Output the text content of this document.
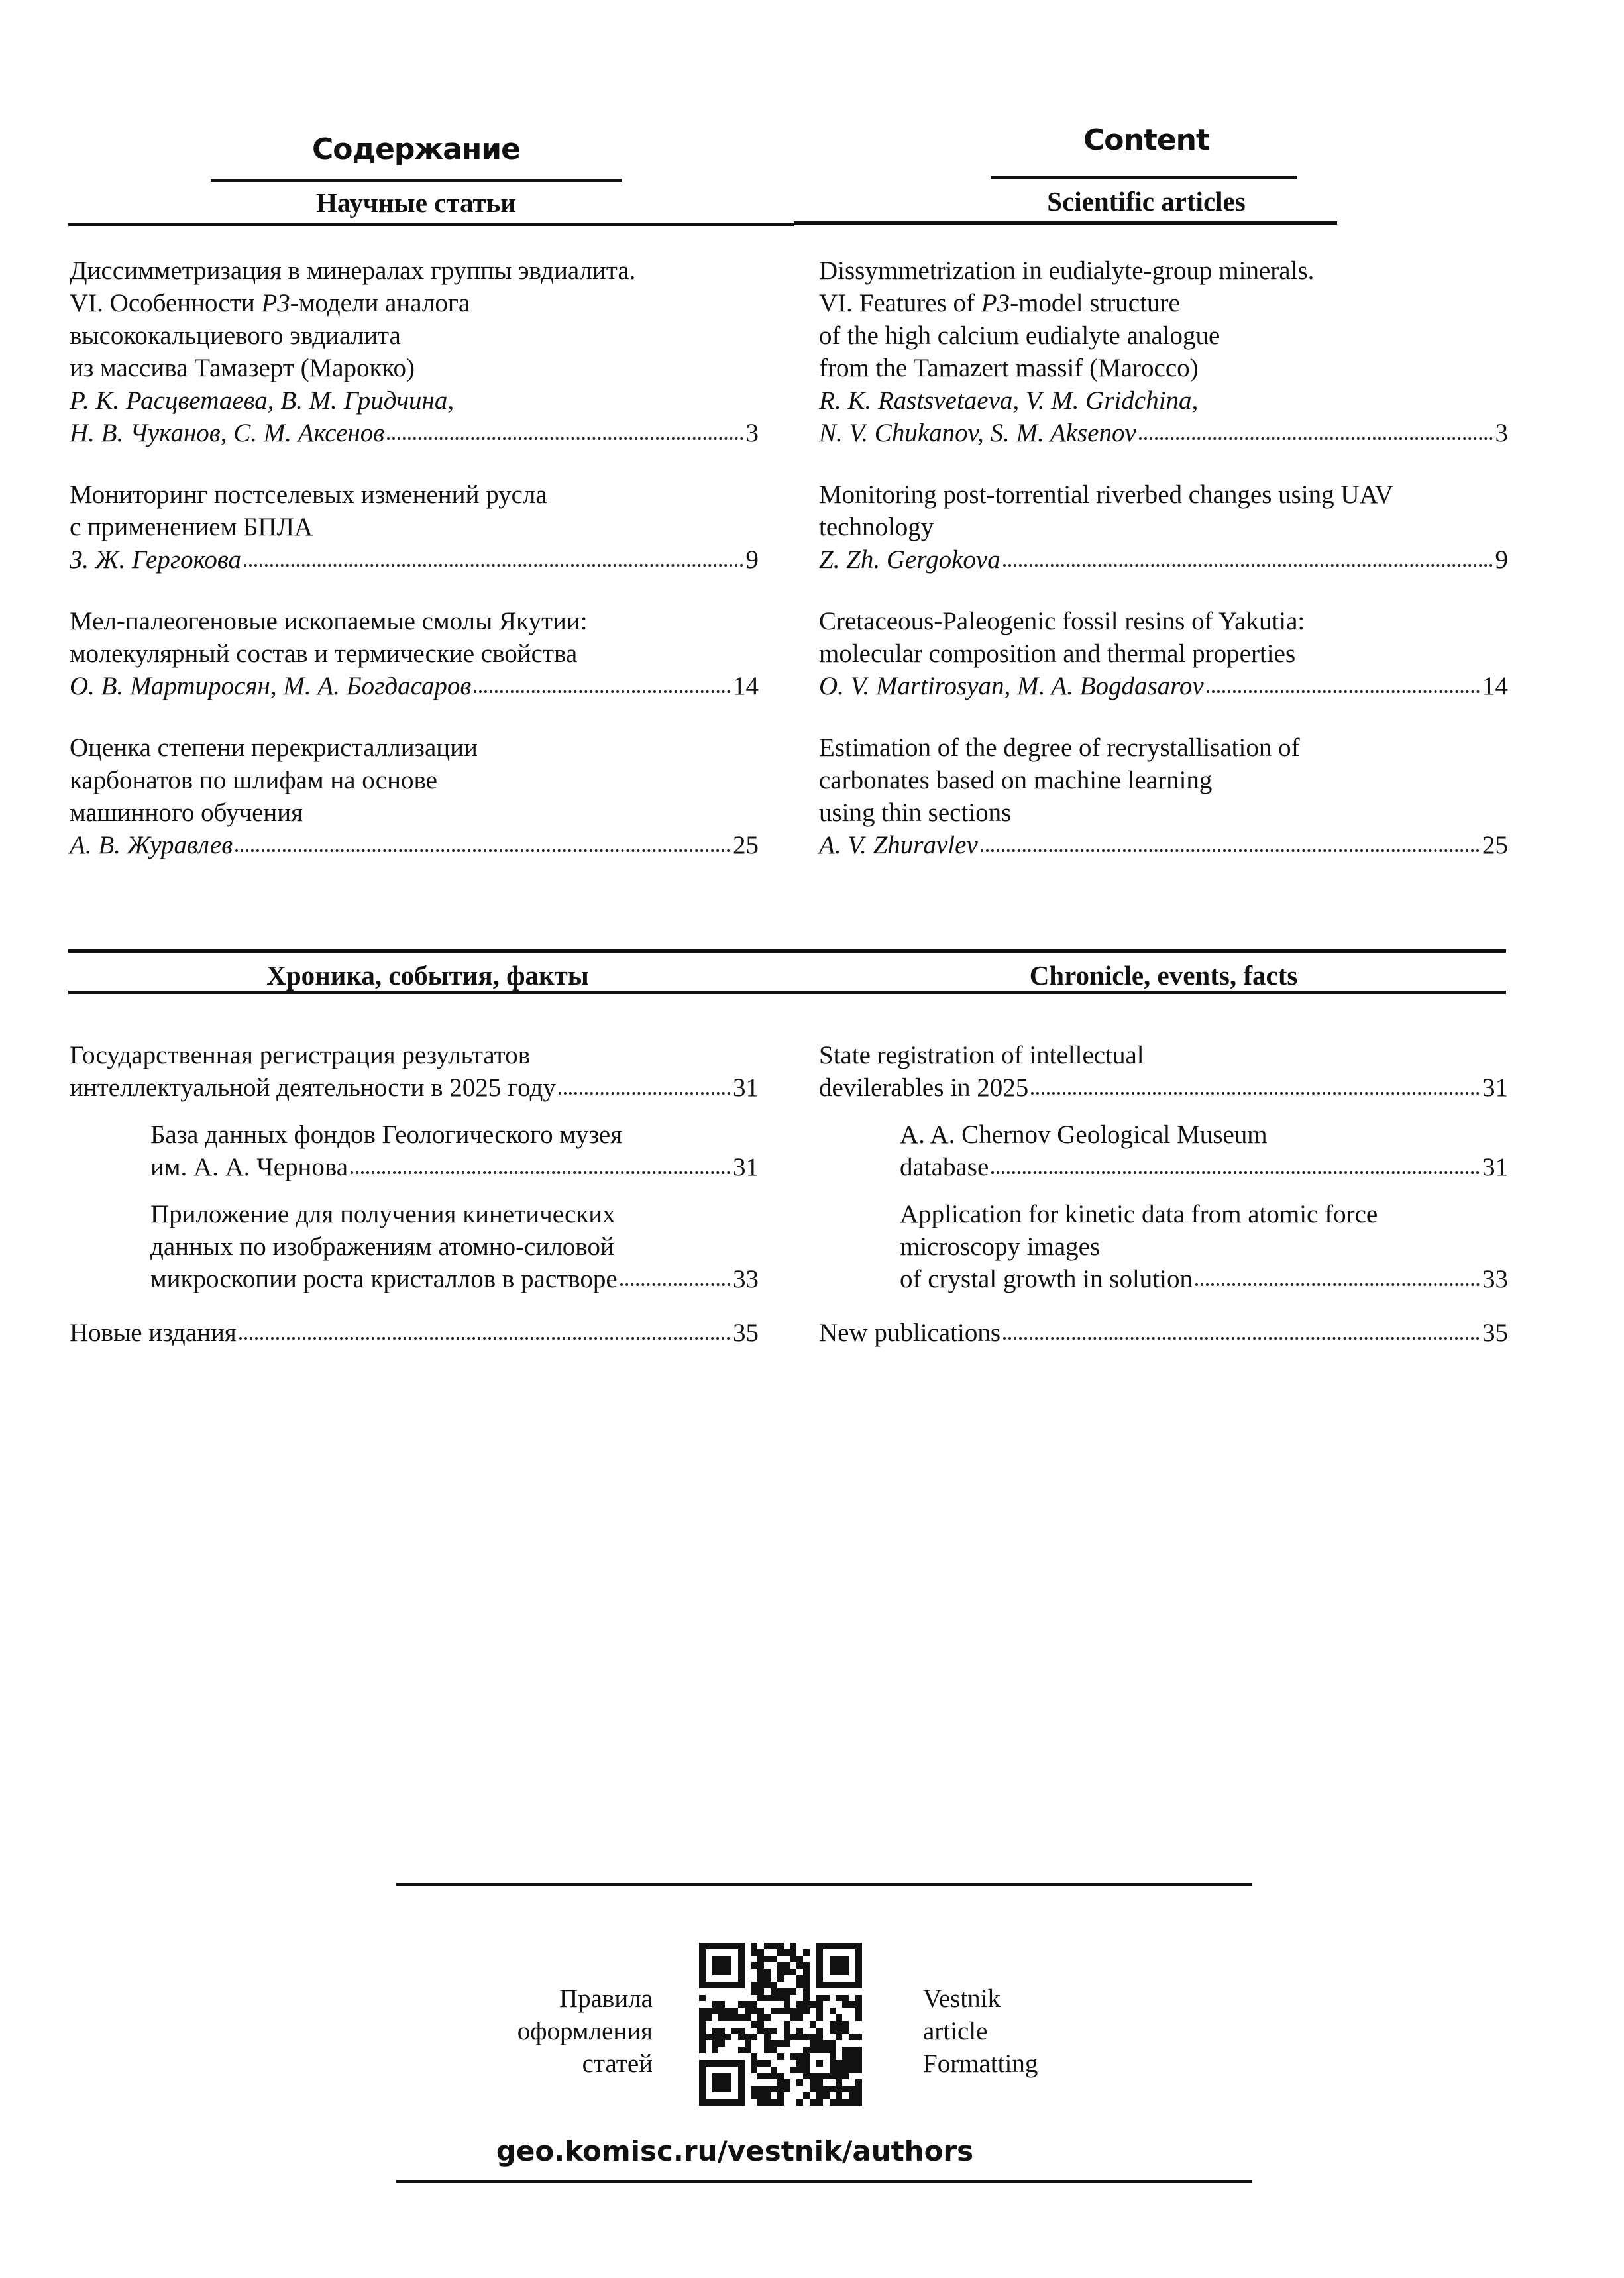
Содержание	Content
Научные статьи	Scientific articles
Диссимметризация в минералах группы эвдиалита.
VI. Особенности P3-модели аналога
высококальциевого эвдиалита
из массива Тамазерт (Марокко)
Р. К. Расцветаева, В. М. Гридчина,
Н. В. Чуканов, С. М. Аксенов	3
Мониторинг постселевых изменений русла
с применением БПЛА
З. Ж. Гергокова	9
Мел-палеогеновые ископаемые смолы Якутии:
молекулярный состав и термические свойства
О. В. Мартиросян, М. А. Богдасаров	14
Оценка степени перекристаллизации
карбонатов по шлифам на основе
машинного обучения
А. В. Журавлев	25
Dissymmetrization in eudialyte-group minerals.
VI. Features of P3-model structure
of the high calcium eudialyte analogue
from the Tamazert massif (Marocco)
R. K. Rastsvetaeva, V. M. Gridchina,
N. V. Chukanov, S. M. Aksenov	3
Monitoring post-torrential riverbed changes using UAV
technology
Z. Zh. Gergokova	9
Cretaceous-Paleogenic fossil resins of Yakutia:
molecular composition and thermal properties
O. V. Martirosyan, M. A. Bogdasarov	14
Estimation of the degree of recrystallisation of
carbonates based on machine learning
using thin sections
A. V. Zhuravlev	25
Хроника, события, факты	Chronicle, events, facts
Государственная регистрация результатов
интеллектуальной деятельности в 2025 году	31
База данных фондов Геологического музея
им. А. А. Чернова	31
Приложение для получения кинетических
данных по изображениям атомно-силовой
микроскопии роста кристаллов в растворе	33
Новые издания	35
State registration of intellectual
devilerables in 2025	31
A. A. Chernov Geological Museum
database	31
Application for kinetic data from atomic force
microscopy images
of crystal growth in solution	33
New publications	35
Правила
оформления
статей
Vestnik
article
Formatting
geo.komisc.ru/vestnik/authors
